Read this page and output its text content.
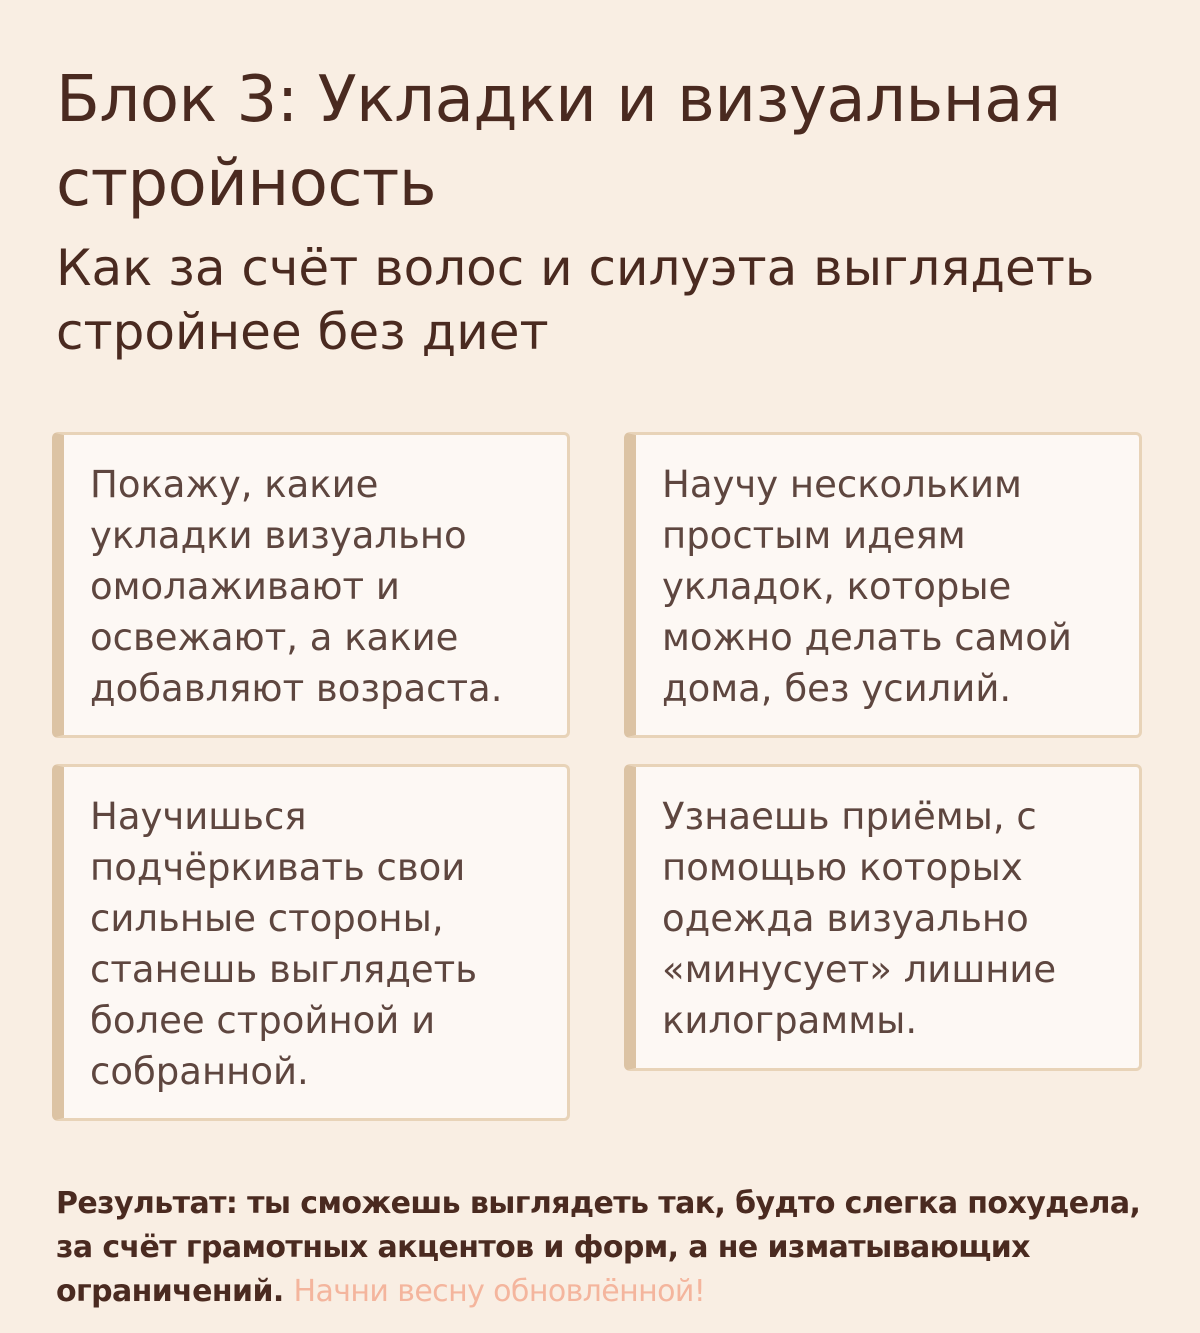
Блок 3: Укладки и визуальная стройность
Как за счёт волос и силуэта выглядеть стройнее без диет

Покажу, какие укладки визуально омолаживают и освежают, а какие добавляют возраста.

Научу нескольким простым идеям укладок, которые можно делать самой дома, без усилий.

Научишься подчёркивать свои сильные стороны, станешь выглядеть более стройной и собранной.

Узнаешь приёмы, с помощью которых одежда визуально «минусует» лишние килограммы.

Результат: ты сможешь выглядеть так, будто слегка похудела, за счёт грамотных акцентов и форм, а не изматывающих ограничений. Начни весну обновлённой!
